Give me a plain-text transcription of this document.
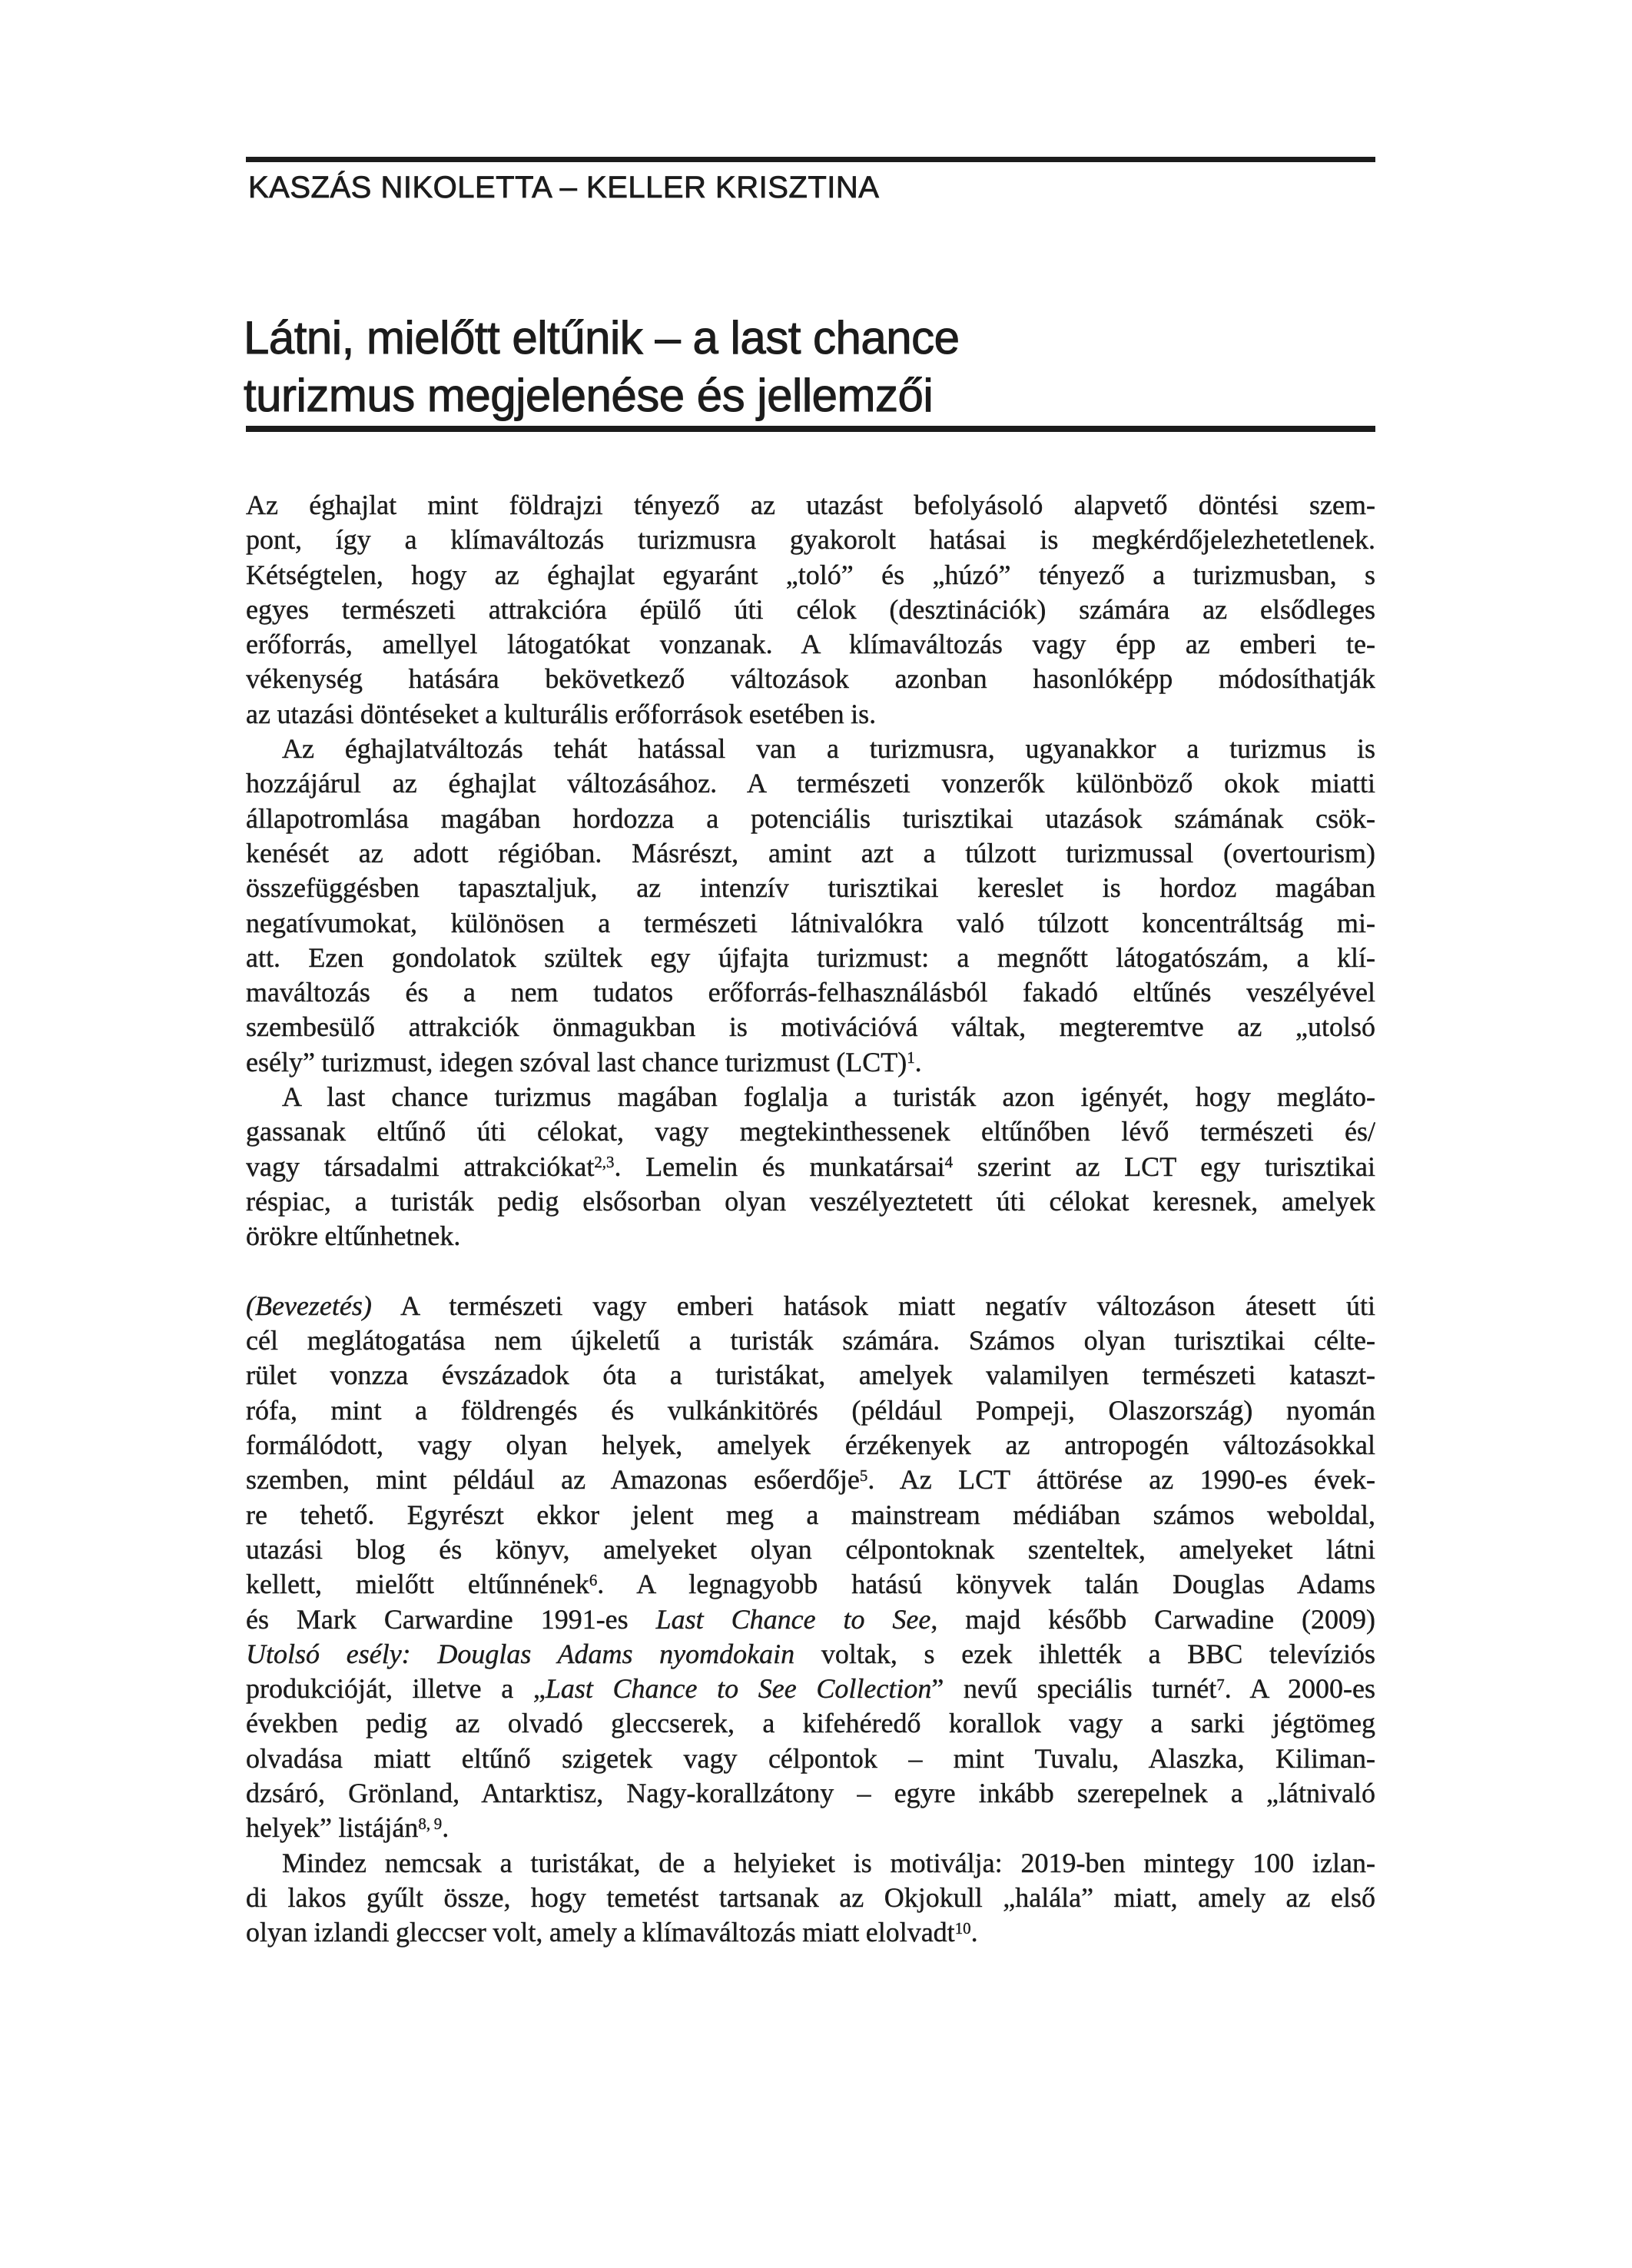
KASZÁS NIKOLETTA – KELLER KRISZTINA
Látni, mielőtt eltűnik – a last chance
turizmus megjelenése és jellemzői
Az éghajlat mint földrajzi tényező az utazást befolyásoló alapvető döntési szem-
pont, így a klímaváltozás turizmusra gyakorolt hatásai is megkérdőjelezhetetlenek.
Kétségtelen, hogy az éghajlat egyaránt „toló” és „húzó” tényező a turizmusban, s
egyes természeti attrakcióra épülő úti célok (desztinációk) számára az elsődleges
erőforrás, amellyel látogatókat vonzanak. A klímaváltozás vagy épp az emberi te-
vékenység hatására bekövetkező változások azonban hasonlóképp módosíthatják
az utazási döntéseket a kulturális erőforrások esetében is.
Az éghajlatváltozás tehát hatással van a turizmusra, ugyanakkor a turizmus is
hozzájárul az éghajlat változásához. A természeti vonzerők különböző okok miatti
állapotromlása magában hordozza a potenciális turisztikai utazások számának csök-
kenését az adott régióban. Másrészt, amint azt a túlzott turizmussal (overtourism)
összefüggésben tapasztaljuk, az intenzív turisztikai kereslet is hordoz magában
negatívumokat, különösen a természeti látnivalókra való túlzott koncentráltság mi-
att. Ezen gondolatok szültek egy újfajta turizmust: a megnőtt látogatószám, a klí-
maváltozás és a nem tudatos erőforrás-felhasználásból fakadó eltűnés veszélyével
szembesülő attrakciók önmagukban is motivációvá váltak, megteremtve az „utolsó
esély” turizmust, idegen szóval last chance turizmust (LCT)$^1$.
A last chance turizmus magában foglalja a turisták azon igényét, hogy megláto-
gassanak eltűnő úti célokat, vagy megtekinthessenek eltűnőben lévő természeti és/
vagy társadalmi attrakciókat$^{2,3}$. Lemelin és munkatársai$^4$ szerint az LCT egy turisztikai
réspiac, a turisták pedig elsősorban olyan veszélyeztetett úti célokat keresnek, amelyek
örökre eltűnhetnek.
(Bevezetés) A természeti vagy emberi hatások miatt negatív változáson átesett úti
cél meglátogatása nem újkeletű a turisták számára. Számos olyan turisztikai célte-
rület vonzza évszázadok óta a turistákat, amelyek valamilyen természeti kataszt-
rófa, mint a földrengés és vulkánkitörés (például Pompeji, Olaszország) nyomán
formálódott, vagy olyan helyek, amelyek érzékenyek az antropogén változásokkal
szemben, mint például az Amazonas esőerdője$^5$. Az LCT áttörése az 1990-es évek-
re tehető. Egyrészt ekkor jelent meg a mainstream médiában számos weboldal,
utazási blog és könyv, amelyeket olyan célpontoknak szenteltek, amelyeket látni
kellett, mielőtt eltűnnének$^6$. A legnagyobb hatású könyvek talán Douglas Adams
és Mark Carwardine 1991-es Last Chance to See, majd később Carwadine (2009)
Utolsó esély: Douglas Adams nyomdokain voltak, s ezek ihlették a BBC televíziós
produkcióját, illetve a „Last Chance to See Collection” nevű speciális turnét$^7$. A 2000-es
években pedig az olvadó gleccserek, a kifehéredő korallok vagy a sarki jégtömeg
olvadása miatt eltűnő szigetek vagy célpontok – mint Tuvalu, Alaszka, Kiliman-
dzsáró, Grönland, Antarktisz, Nagy-korallzátony – egyre inkább szerepelnek a „látnivaló
helyek” listáján$^{8, 9}$.
Mindez nemcsak a turistákat, de a helyieket is motiválja: 2019-ben mintegy 100 izlan-
di lakos gyűlt össze, hogy temetést tartsanak az Okjokull „halála” miatt, amely az első
olyan izlandi gleccser volt, amely a klímaváltozás miatt elolvadt$^{10}$.
